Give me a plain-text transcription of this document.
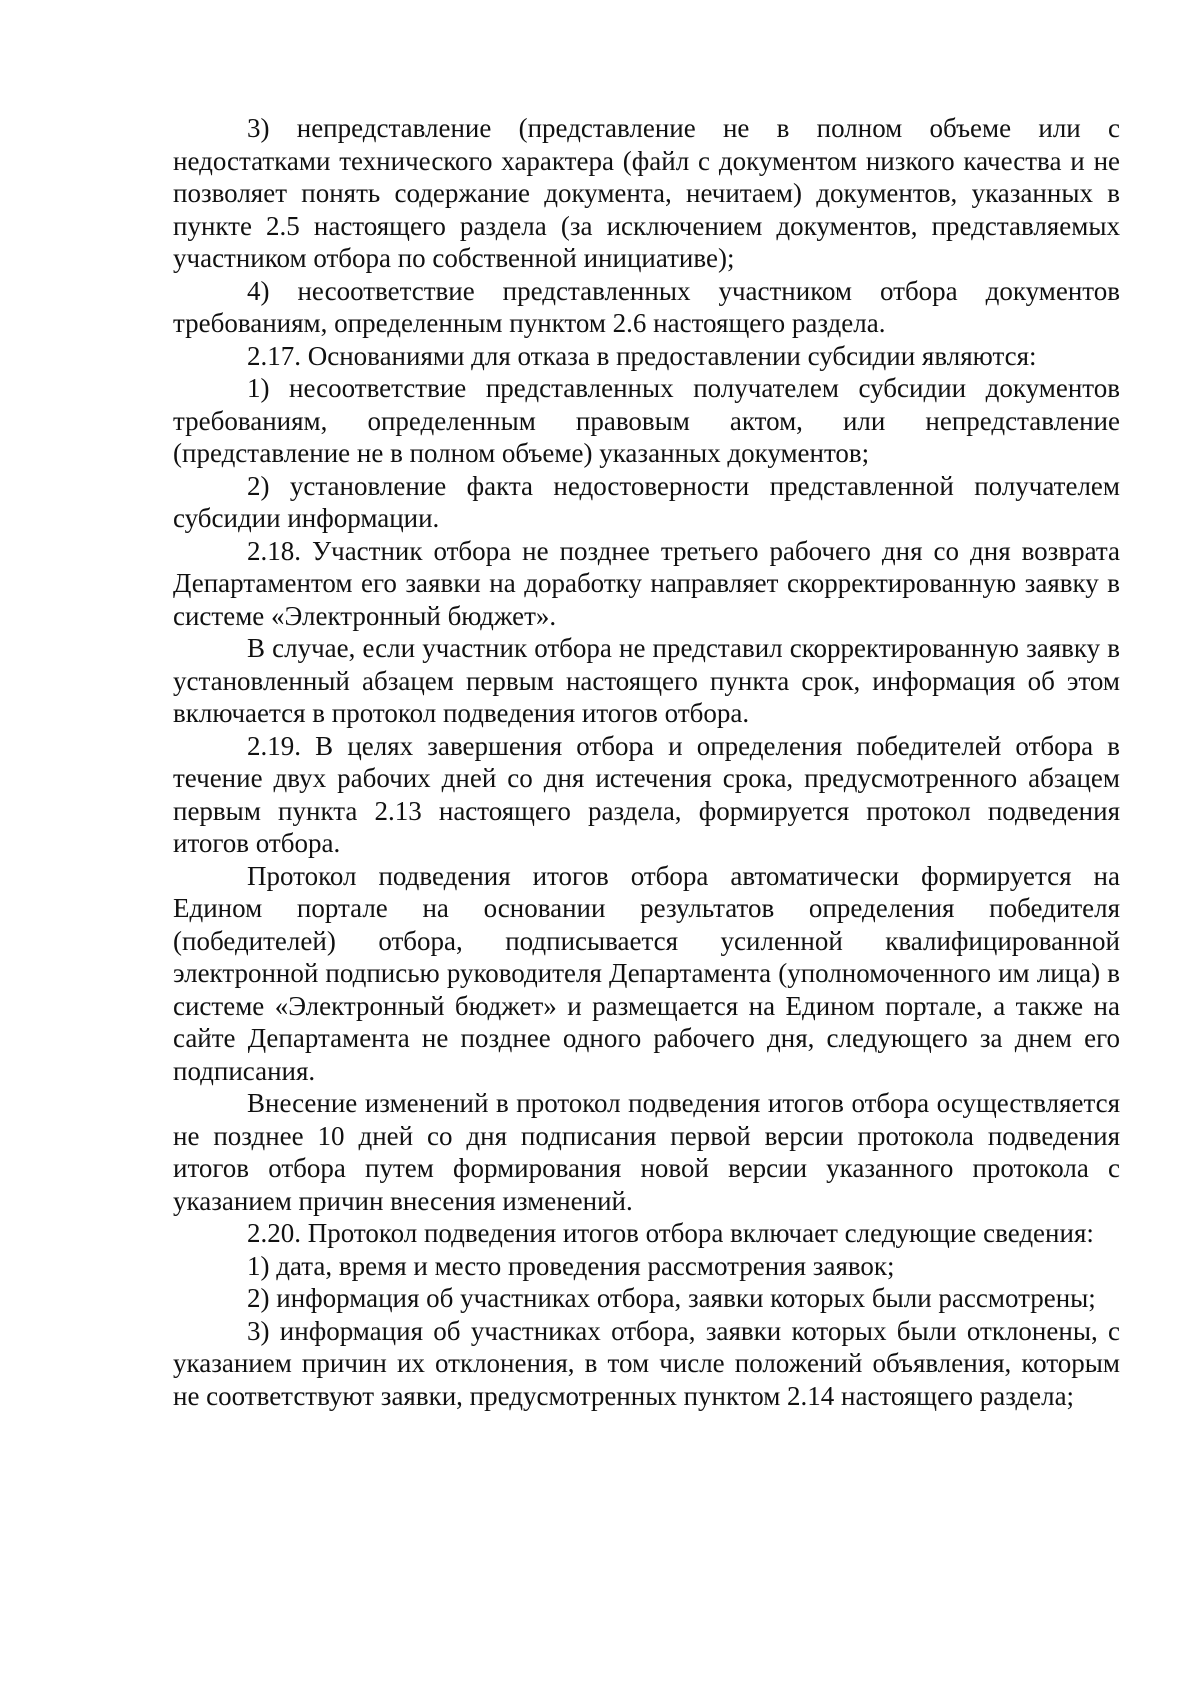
3) непредставление (представление не в полном объеме или с недостатками технического характера (файл с документом низкого качества и не позволяет понять содержание документа, нечитаем) документов, указанных в пункте 2.5 настоящего раздела (за исключением документов, представляемых участником отбора по собственной инициативе);

4) несоответствие представленных участником отбора документов требованиям, определенным пунктом 2.6 настоящего раздела.

2.17. Основаниями для отказа в предоставлении субсидии являются:

1) несоответствие представленных получателем субсидии документов требованиям, определенным правовым актом, или непредставление (представление не в полном объеме) указанных документов;

2) установление факта недостоверности представленной получателем субсидии информации.

2.18. Участник отбора не позднее третьего рабочего дня со дня возврата Департаментом его заявки на доработку направляет скорректированную заявку в системе «Электронный бюджет».

В случае, если участник отбора не представил скорректированную заявку в установленный абзацем первым настоящего пункта срок, информация об этом включается в протокол подведения итогов отбора.

2.19. В целях завершения отбора и определения победителей отбора в течение двух рабочих дней со дня истечения срока, предусмотренного абзацем первым пункта 2.13 настоящего раздела, формируется протокол подведения итогов отбора.

Протокол подведения итогов отбора автоматически формируется на Едином портале на основании результатов определения победителя (победителей) отбора, подписывается усиленной квалифицированной электронной подписью руководителя Департамента (уполномоченного им лица) в системе «Электронный бюджет» и размещается на Едином портале, а также на сайте Департамента не позднее одного рабочего дня, следующего за днем его подписания.

Внесение изменений в протокол подведения итогов отбора осуществляется не позднее 10 дней со дня подписания первой версии протокола подведения итогов отбора путем формирования новой версии указанного протокола с указанием причин внесения изменений.

2.20. Протокол подведения итогов отбора включает следующие сведения:

1) дата, время и место проведения рассмотрения заявок;

2) информация об участниках отбора, заявки которых были рассмотрены;

3) информация об участниках отбора, заявки которых были отклонены, с указанием причин их отклонения, в том числе положений объявления, которым не соответствуют заявки, предусмотренных пунктом 2.14 настоящего раздела;
